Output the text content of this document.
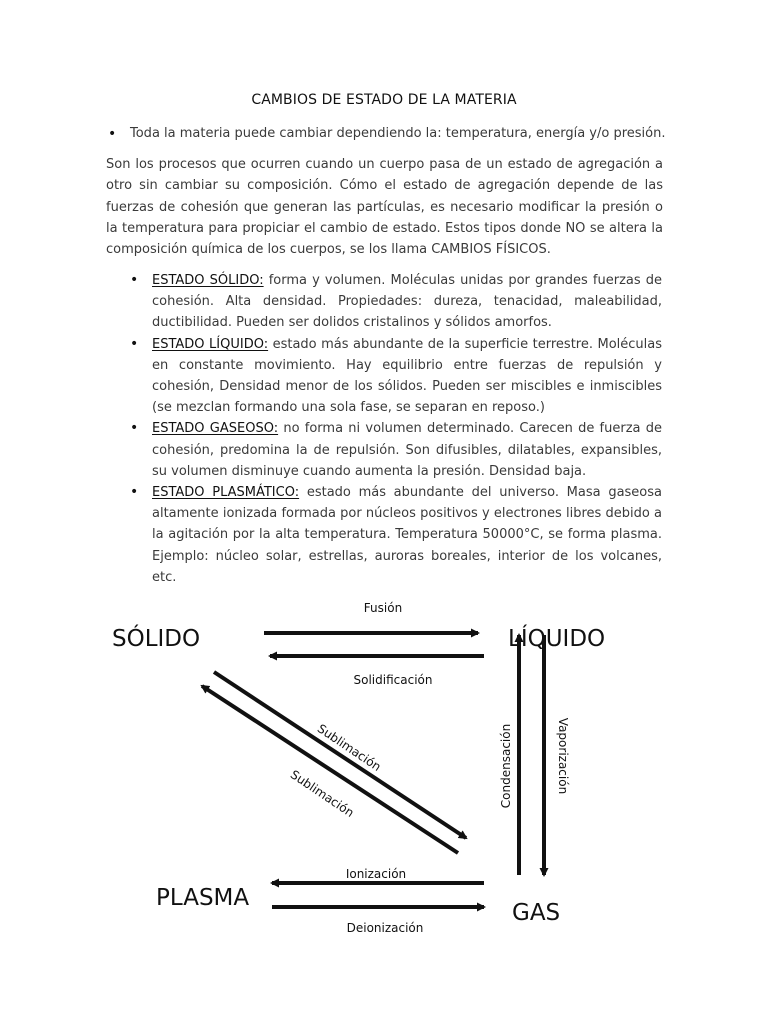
CAMBIOS DE ESTADO DE LA MATERIA
• Toda la materia puede cambiar dependiendo la: temperatura, energía y/o presión.
Son los procesos que ocurren cuando un cuerpo pasa de un estado de agregación a otro sin cambiar su composición. Cómo el estado de agregación depende de las fuerzas de cohesión que generan las partículas, es necesario modificar la presión o la temperatura para propiciar el cambio de estado. Estos tipos donde NO se altera la composición química de los cuerpos, se los llama CAMBIOS FÍSICOS.
• ESTADO SÓLIDO: forma y volumen. Moléculas unidas por grandes fuerzas de cohesión. Alta densidad. Propiedades: dureza, tenacidad, maleabilidad, ductibilidad. Pueden ser dolidos cristalinos y sólidos amorfos.
• ESTADO LÍQUIDO: estado más abundante de la superficie terrestre. Moléculas en constante movimiento. Hay equilibrio entre fuerzas de repulsión y cohesión, Densidad menor de los sólidos. Pueden ser miscibles e inmiscibles (se mezclan formando una sola fase, se separan en reposo.)
• ESTADO GASEOSO: no forma ni volumen determinado. Carecen de fuerza de cohesión, predomina la de repulsión. Son difusibles, dilatables, expansibles, su volumen disminuye cuando aumenta la presión. Densidad baja.
• ESTADO PLASMÁTICO: estado más abundante del universo. Masa gaseosa altamente ionizada formada por núcleos positivos y electrones libres debido a la agitación por la alta temperatura. Temperatura 50000°C, se forma plasma. Ejemplo: núcleo solar, estrellas, auroras boreales, interior de los volcanes, etc.
SÓLIDO	LÍQUIDO
PLASMA
GAS
Fusión
Solidificación
Sublimación
Sublimación	Condensación	Vaporización
Ionización
Deionización
